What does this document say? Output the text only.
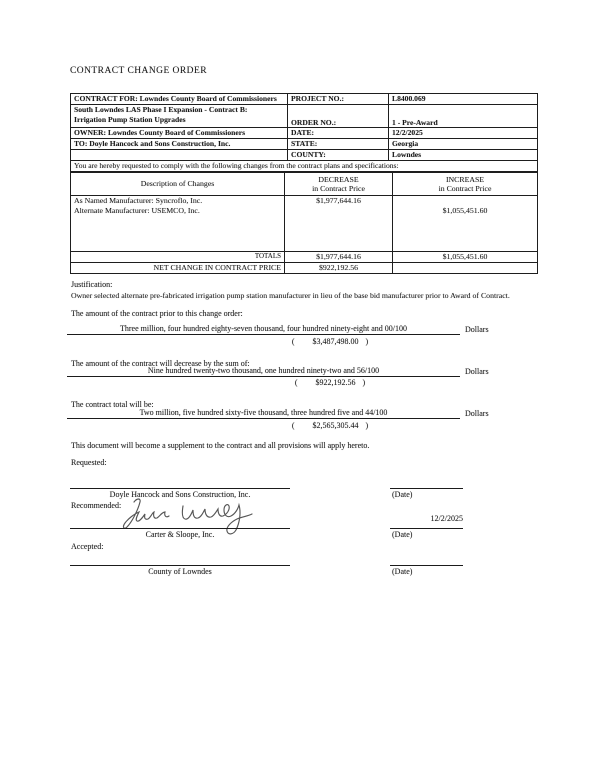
CONTRACT CHANGE ORDER
CONTRACT FOR: Lowndes County Board of Commissioners	PROJECT NO.:	L8400.069

South Lowndes LAS Phase I Expansion - Contract B:
Irrigation Pump Station Upgrades	ORDER NO.:	1 - Pre-Award
OWNER: Lowndes County Board of Commissioners	DATE:	12/2/2025
TO: Doyle Hancock and Sons Construction, Inc.	STATE:	Georgia
	COUNTY:	Lowndes
You are hereby requested to comply with the following changes from the contract plans and specifications:		
Description of Changes	
DECREASE
in Contract Price

INCREASE
in Contract Price

As Named Manufacturer: Syncroflo, Inc.
Alternate Manufacturer: USEMCO, Inc.	$1,977,644.16	$1,055,451.60

TOTALS	$1,977,644.16	$1,055,451.60
NET CHANGE IN CONTRACT PRICE	$922,192.56	
Justification:
Owner selected alternate pre-fabricated irrigation pump station manufacturer in lieu of the base bid manufacturer prior to Award of Contract.
The amount of the contract prior to this change order:
Three million, four hundred eighty-seven thousand, four hundred ninety-eight and 00/100	Dollars
( $3,487,498.00 )
The amount of the contract will decrease by the sum of:
Nine hundred twenty-two thousand, one hundred ninety-two and 56/100	Dollars
( $922,192.56 )
The contract total will be:
Two million, five hundred sixty-five thousand, three hundred five and 44/100	Dollars
( $2,565,305.44 )
This document will become a supplement to the contract and all provisions will apply hereto.
Requested:
Doyle Hancock and Sons Construction, Inc.	(Date)
Recommended:
12/2/2025
Carter & Sloope, Inc.	(Date)
Accepted:
County of Lowndes	(Date)
